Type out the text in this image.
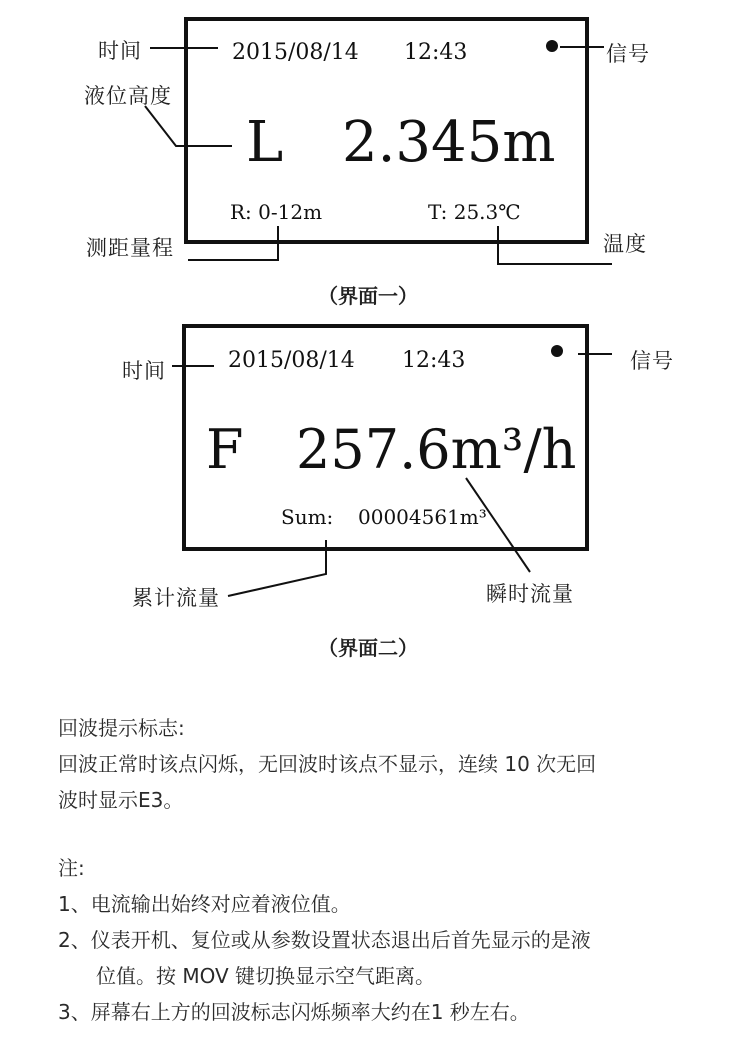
2015/08/14 12:43
L 2.345m
R: 0-12m	T: 25.3℃
时间
液位高度
信号
测距量程	温度
（界面一）
2015/08/14 12:43
F 257.6m³/h
Sum: 00004561m³
时间	信号
累计流量	瞬时流量
（界面二）
回波提示标志:
回波正常时该点闪烁，无回波时该点不显示，连续 10 次无回
波时显示E3。
注:
1、电流输出始终对应着液位值。
2、仪表开机、复位或从参数设置状态退出后首先显示的是液
位值。按 MOV 键切换显示空气距离。
3、屏幕右上方的回波标志闪烁频率大约在1 秒左右。
